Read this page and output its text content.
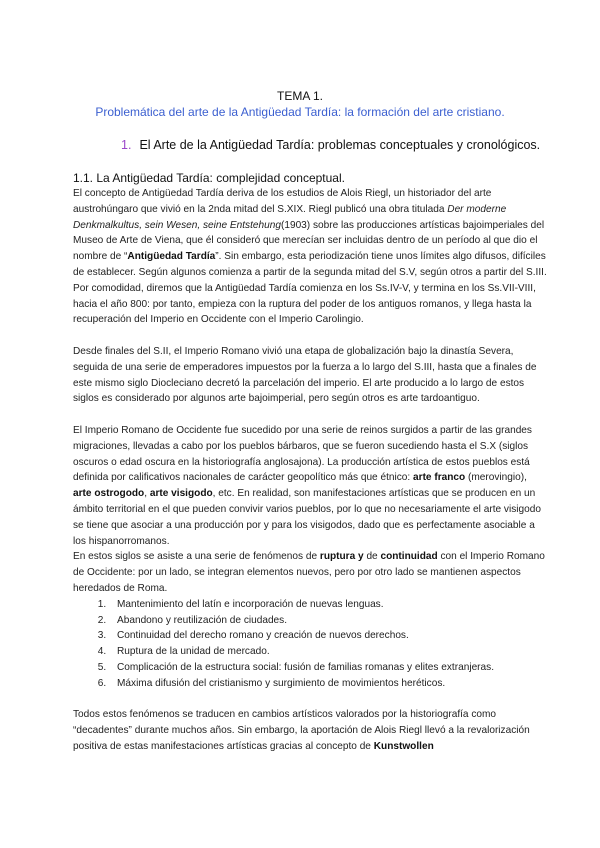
TEMA 1.
Problemática del arte de la Antigüedad Tardía: la formación del arte cristiano.
1. El Arte de la Antigüedad Tardía: problemas conceptuales y cronológicos.

1.1. La Antigüedad Tardía: complejidad conceptual.

El concepto de Antigüedad Tardía deriva de los estudios de Alois Riegl, un historiador del arte austrohúngaro que vivió en la 2nda mitad del S.XIX. Riegl publicó una obra titulada Der moderne Denkmalkultus, sein Wesen, seine Entstehung(1903) sobre las producciones artísticas bajoimperiales del Museo de Arte de Viena, que él consideró que merecían ser incluidas dentro de un período al que dio el nombre de “Antigüedad Tardía”. Sin embargo, esta periodización tiene unos límites algo difusos, difíciles de establecer. Según algunos comienza a partir de la segunda mitad del S.V, según otros a partir del S.III. Por comodidad, diremos que la Antigüedad Tardía comienza en los Ss.IV-V, y termina en los Ss.VII-VIII, hacia el año 800: por tanto, empieza con la ruptura del poder de los antiguos romanos, y llega hasta la recuperación del Imperio en Occidente con el Imperio Carolingio.

Desde finales del S.II, el Imperio Romano vivió una etapa de globalización bajo la dinastía Severa, seguida de una serie de emperadores impuestos por la fuerza a lo largo del S.III, hasta que a finales de este mismo siglo Diocleciano decretó la parcelación del imperio. El arte producido a lo largo de estos siglos es considerado por algunos arte bajoimperial, pero según otros es arte tardoantiguo.

El Imperio Romano de Occidente fue sucedido por una serie de reinos surgidos a partir de las grandes migraciones, llevadas a cabo por los pueblos bárbaros, que se fueron sucediendo hasta el S.X (siglos oscuros o edad oscura en la historiografía anglosajona). La producción artística de estos pueblos está definida por calificativos nacionales de carácter geopolítico más que étnico: arte franco (merovingio), arte ostrogodo, arte visigodo, etc. En realidad, son manifestaciones artísticas que se producen en un ámbito territorial en el que pueden convivir varios pueblos, por lo que no necesariamente el arte visigodo se tiene que asociar a una producción por y para los visigodos, dado que es perfectamente asociable a los hispanorromanos.

En estos siglos se asiste a una serie de fenómenos de ruptura y de continuidad con el Imperio Romano de Occidente: por un lado, se integran elementos nuevos, pero por otro lado se mantienen aspectos heredados de Roma.

1. Mantenimiento del latín e incorporación de nuevas lenguas.
2. Abandono y reutilización de ciudades.
3. Continuidad del derecho romano y creación de nuevos derechos.
4. Ruptura de la unidad de mercado.
5. Complicación de la estructura social: fusión de familias romanas y elites extranjeras.
6. Máxima difusión del cristianismo y surgimiento de movimientos heréticos.

Todos estos fenómenos se traducen en cambios artísticos valorados por la historiografía como “decadentes” durante muchos años. Sin embargo, la aportación de Alois Riegl llevó a la revalorización positiva de estas manifestaciones artísticas gracias al concepto de Kunstwollen
